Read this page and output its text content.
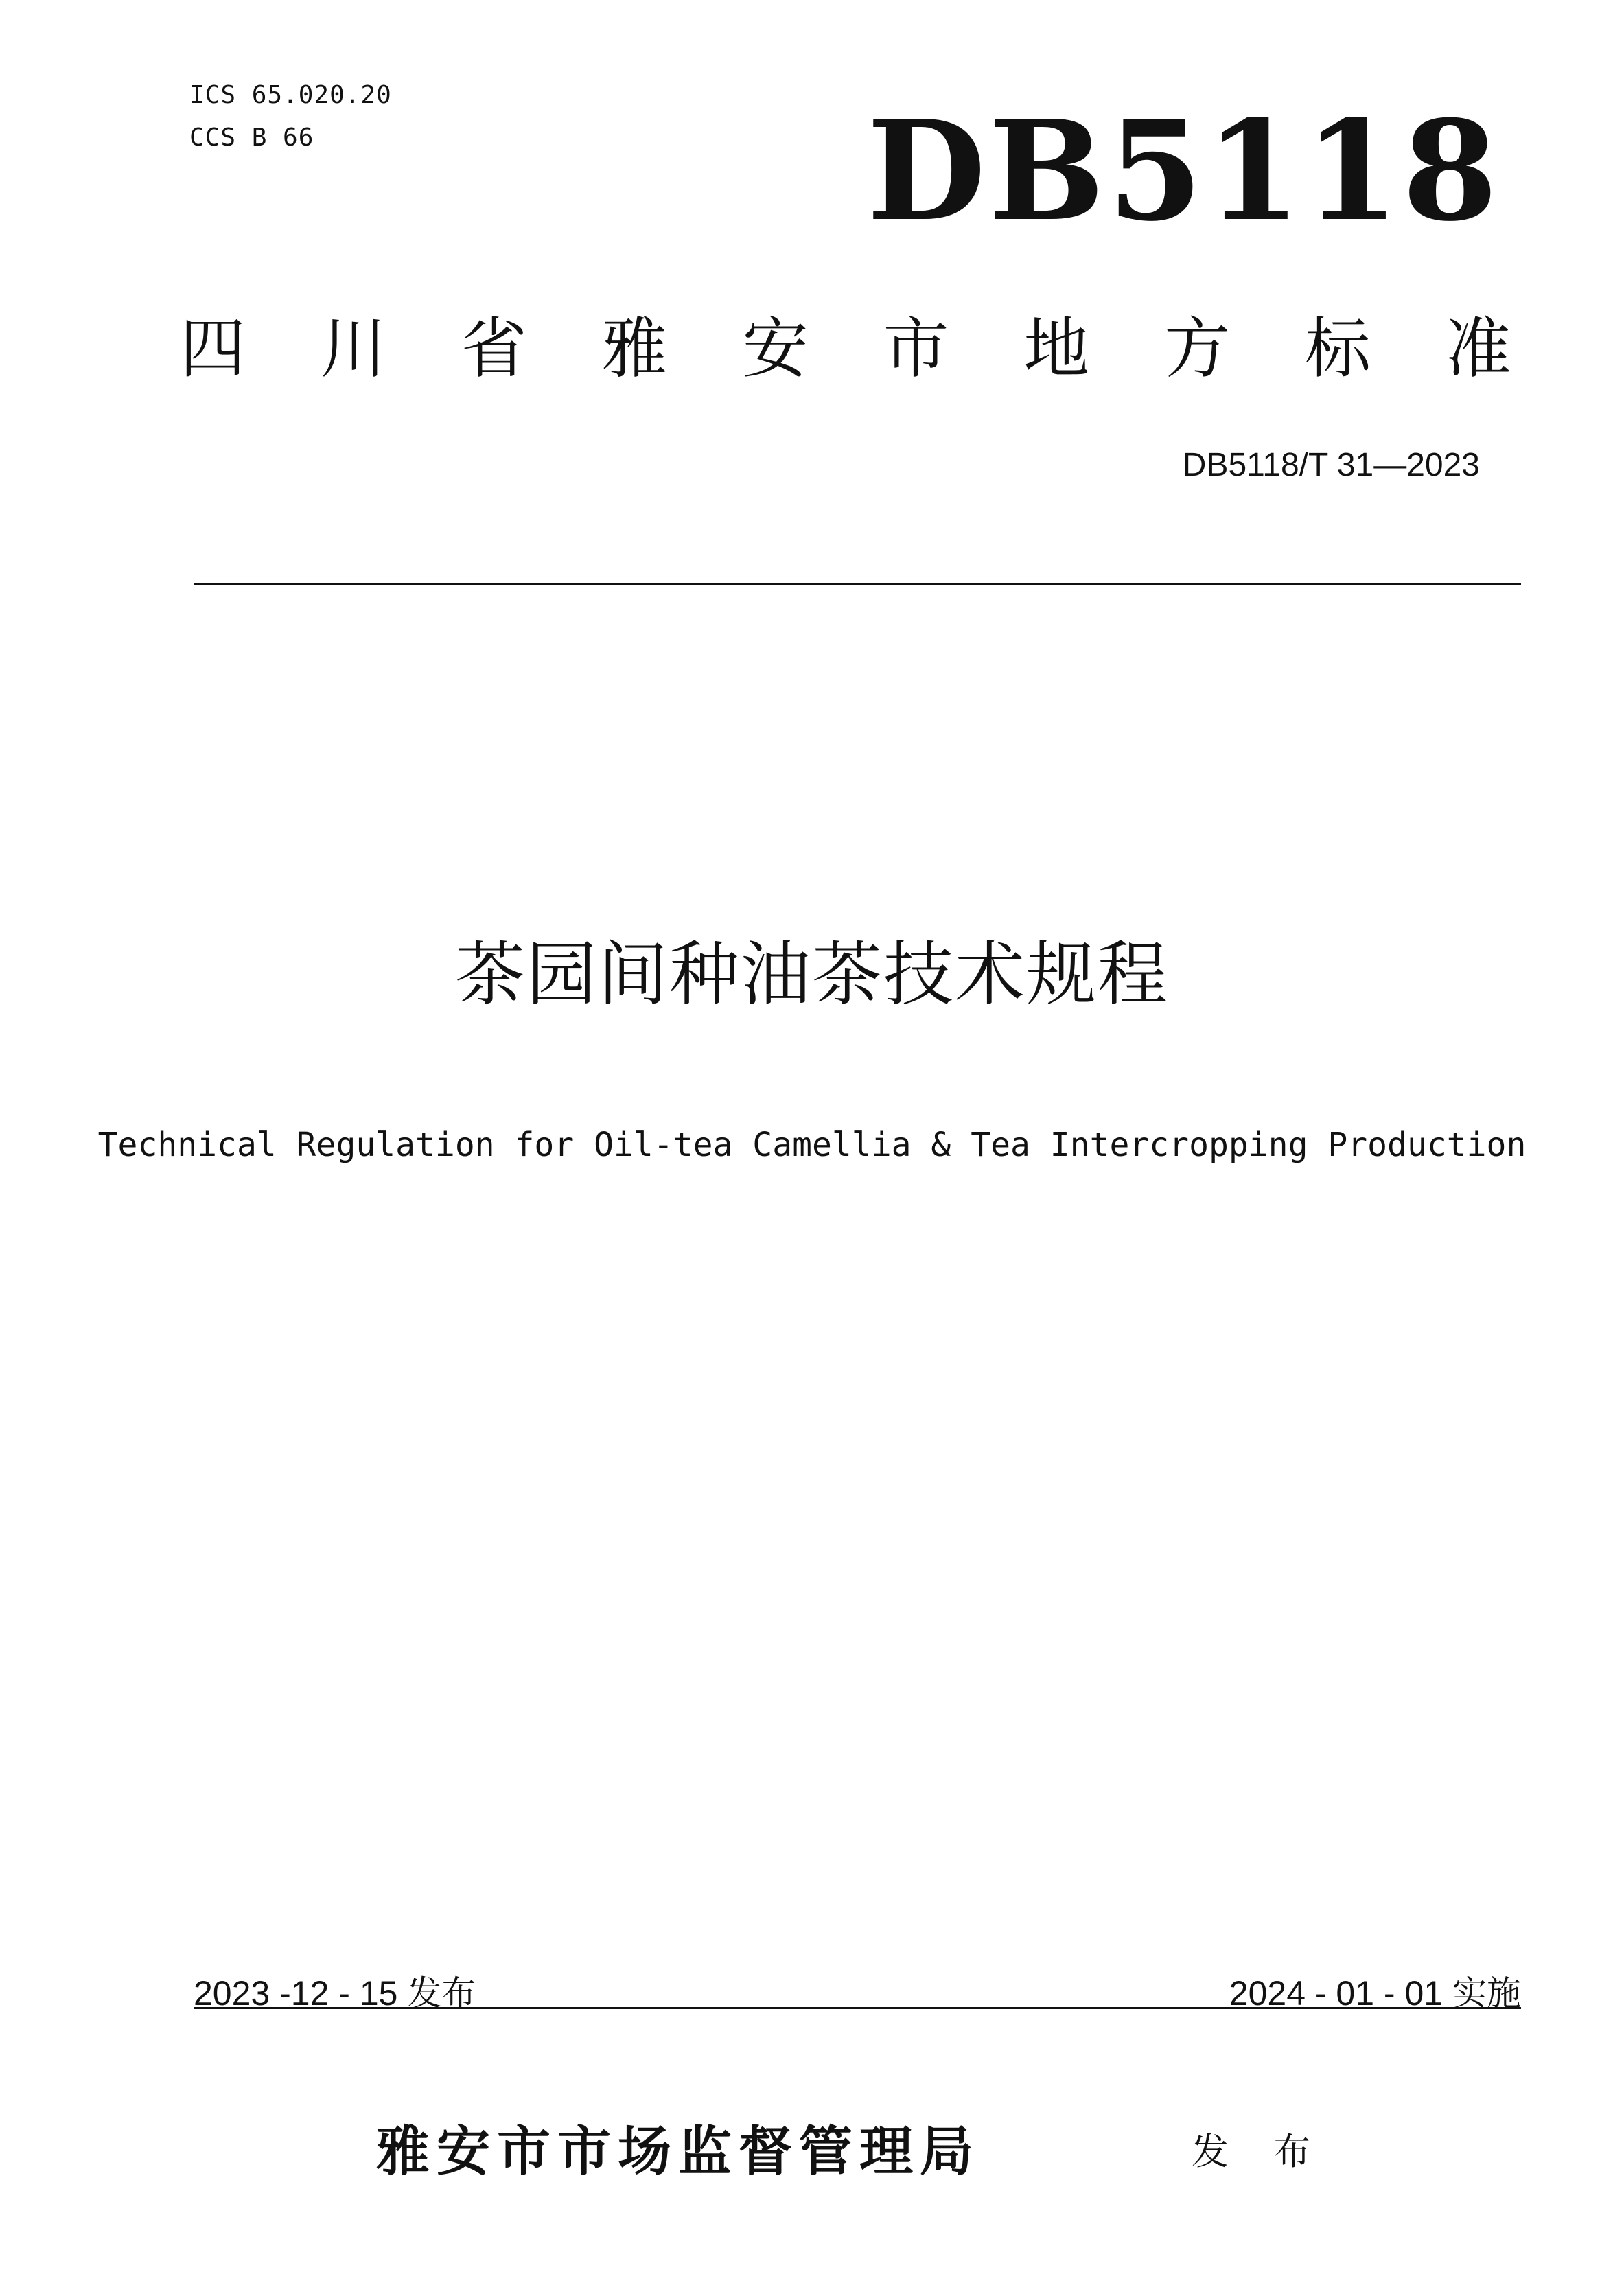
ICS 65.020.20
CCS B 66	DB5118
四 川 省 雅 安 市 地 方 标 准
DB5118/T 31—2023
茶园间种油茶技术规程
Technical Regulation for Oil-tea Camellia & Tea Intercropping Production
2023 -12 - 15 发布	2024 - 01 - 01 实施
雅安市市场监督管理局	发 布
